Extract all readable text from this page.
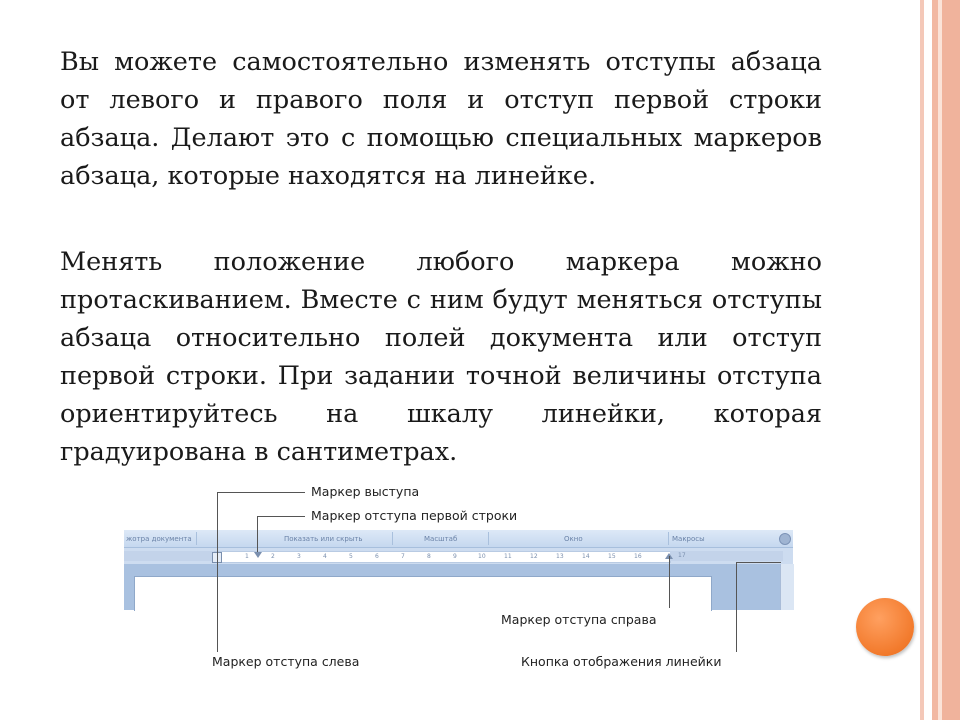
Вы можете самостоятельно изменять отступы абзаца от левого и правого поля и отступ первой строки абзаца. Делают это с помощью специальных маркеров абзаца, которые находятся на линейке.

Менять положение любого маркера можно протаскиванием. Вместе с ним будут меняться отступы абзаца относительно полей документа или отступ первой строки. При задании точной величины отступа ориентируйтесь на шкалу линейки, которая градуирована в сантиметрах.

жотра документа	Показать или скрыть	Масштаб	Окно	Макросы
1	2	3	4	5	6	7	8	9	10	11	12	13	14	15	16	17
Маркер выступа
Маркер отступа первой строки
Маркер отступа справа
Маркер отступа слева	Кнопка отображения линейки
